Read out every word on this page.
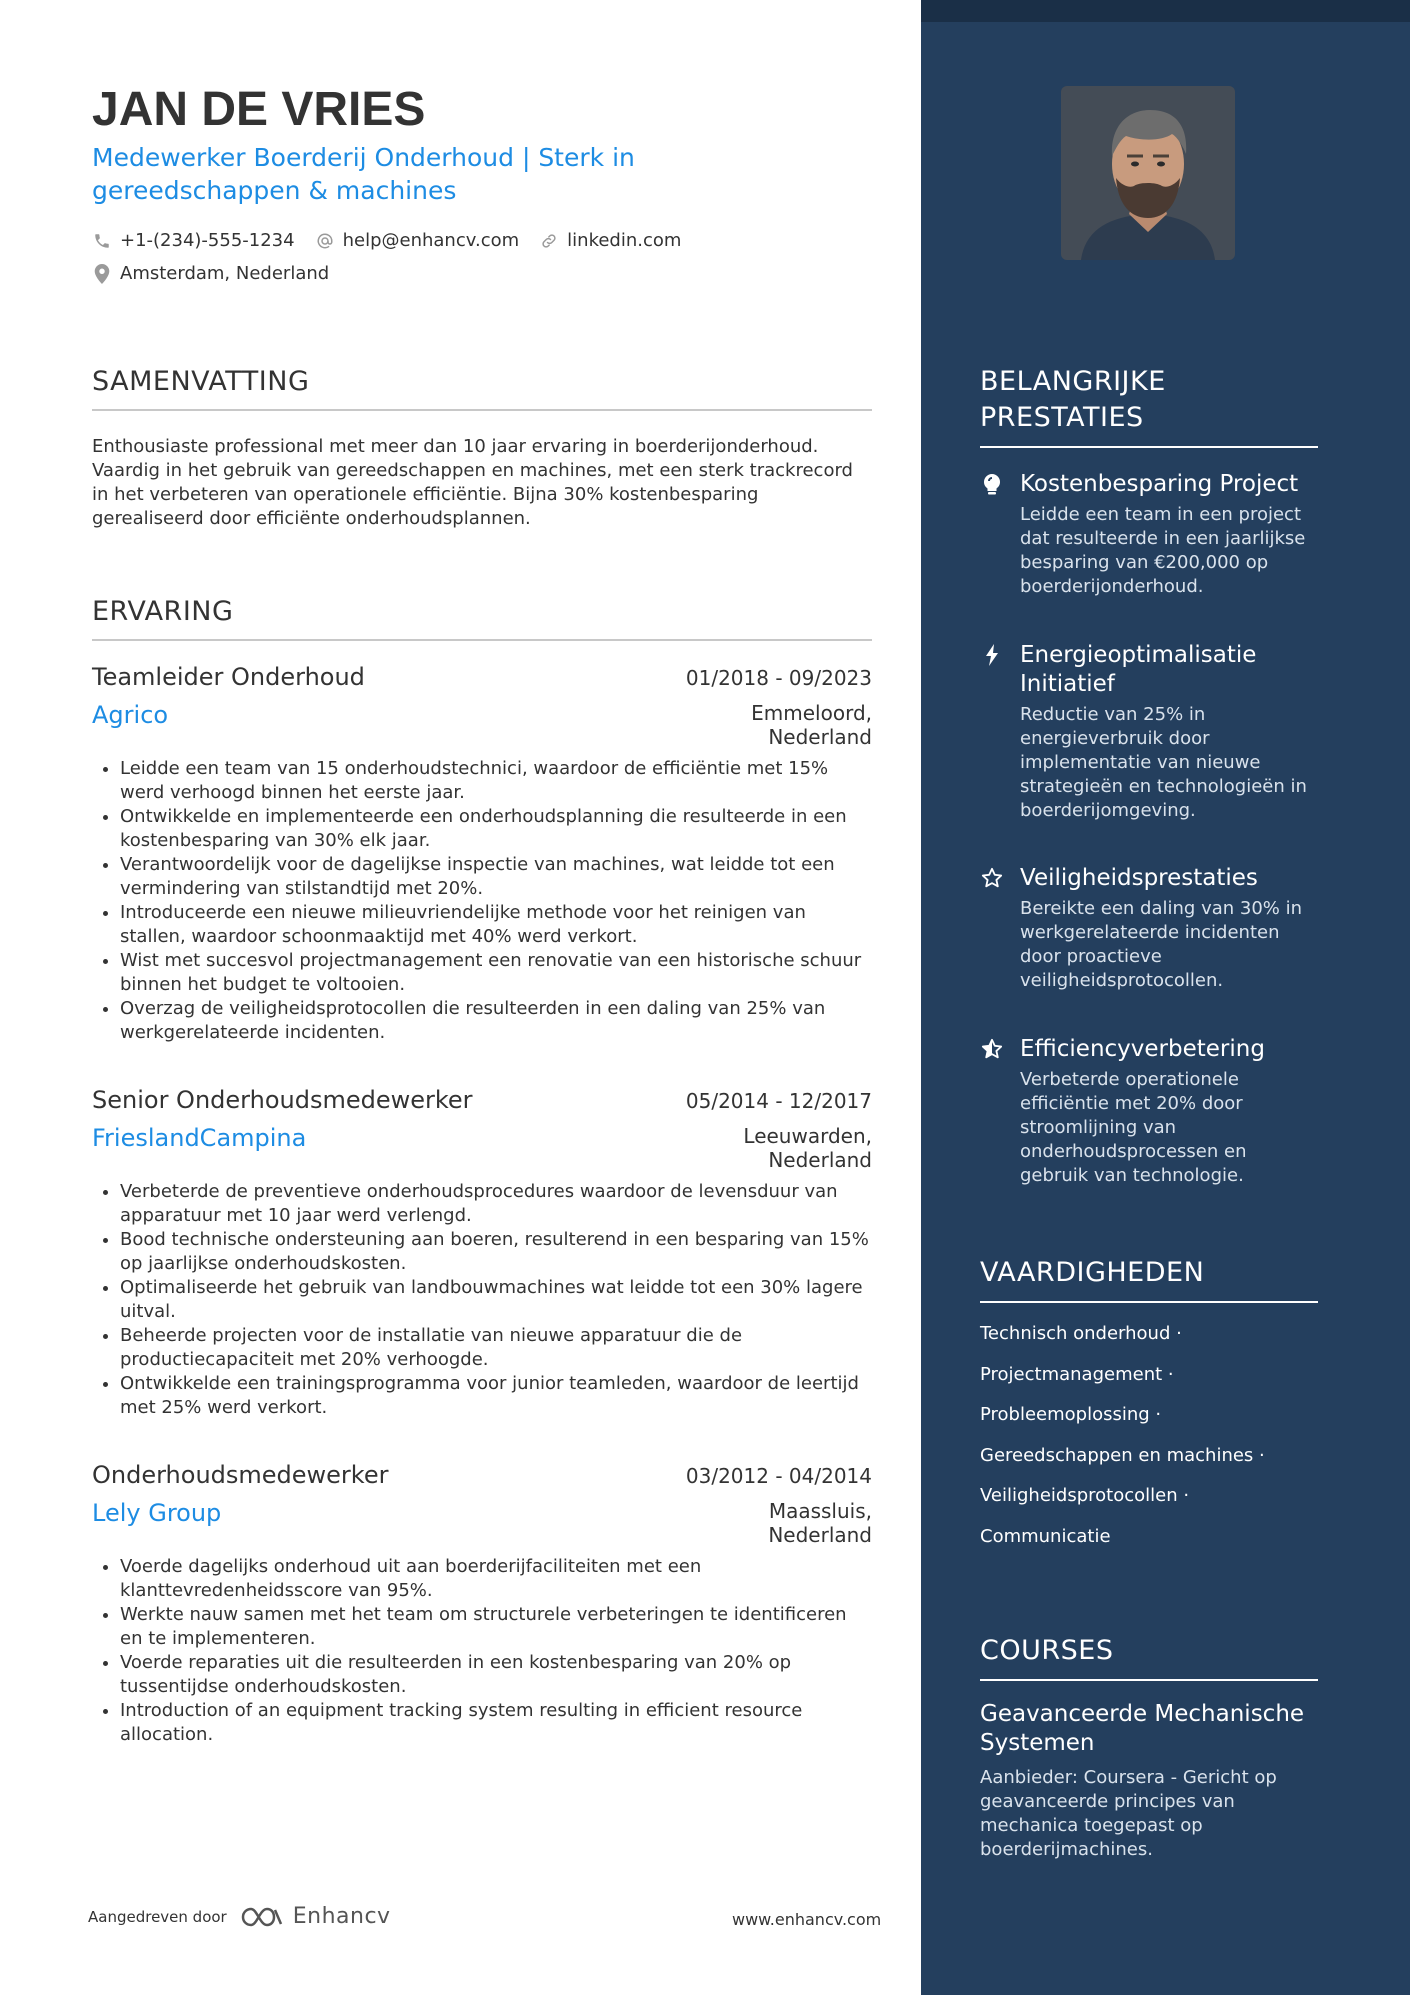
JAN DE VRIES
Medewerker Boerderij Onderhoud | Sterk in gereedschappen & machines
+1-(234)-555-1234	help@enhancv.com	linkedin.com
Amsterdam, Nederland
SAMENVATTING
Enthousiaste professional met meer dan 10 jaar ervaring in boerderijonderhoud. Vaardig in het gebruik van gereedschappen en machines, met een sterk trackrecord in het verbeteren van operationele efficiëntie. Bijna 30% kostenbesparing gerealiseerd door efficiënte onderhoudsplannen.
ERVARING
Teamleider Onderhoud	01/2018 - 09/2023
Agrico	Emmeloord,
Nederland
• Leidde een team van 15 onderhoudstechnici, waardoor de efficiëntie met 15% werd verhoogd binnen het eerste jaar.
• Ontwikkelde en implementeerde een onderhoudsplanning die resulteerde in een kostenbesparing van 30% elk jaar.
• Verantwoordelijk voor de dagelijkse inspectie van machines, wat leidde tot een vermindering van stilstandtijd met 20%.
• Introduceerde een nieuwe milieuvriendelijke methode voor het reinigen van stallen, waardoor schoonmaaktijd met 40% werd verkort.
• Wist met succesvol projectmanagement een renovatie van een historische schuur binnen het budget te voltooien.
• Overzag de veiligheidsprotocollen die resulteerden in een daling van 25% van werkgerelateerde incidenten.
Senior Onderhoudsmedewerker	05/2014 - 12/2017
FrieslandCampina	Leeuwarden,
Nederland
• Verbeterde de preventieve onderhoudsprocedures waardoor de levensduur van apparatuur met 10 jaar werd verlengd.
• Bood technische ondersteuning aan boeren, resulterend in een besparing van 15% op jaarlijkse onderhoudskosten.
• Optimaliseerde het gebruik van landbouwmachines wat leidde tot een 30% lagere uitval.
• Beheerde projecten voor de installatie van nieuwe apparatuur die de productiecapaciteit met 20% verhoogde.
• Ontwikkelde een trainingsprogramma voor junior teamleden, waardoor de leertijd met 25% werd verkort.
Onderhoudsmedewerker	03/2012 - 04/2014
Lely Group	Maassluis,
Nederland
• Voerde dagelijks onderhoud uit aan boerderijfaciliteiten met een klanttevredenheidsscore van 95%.
• Werkte nauw samen met het team om structurele verbeteringen te identificeren en te implementeren.
• Voerde reparaties uit die resulteerden in een kostenbesparing van 20% op tussentijdse onderhoudskosten.
• Introduction of an equipment tracking system resulting in efficient resource allocation.
Aangedreven door	Enhancv	www.enhancv.com
BELANGRIJKE PRESTATIES
Kostenbesparing Project
Leidde een team in een project dat resulteerde in een jaarlijkse besparing van €200,000 op boerderijonderhoud.
Energieoptimalisatie Initiatief
Reductie van 25% in energieverbruik door implementatie van nieuwe strategieën en technologieën in boerderijomgeving.
Veiligheidsprestaties
Bereikte een daling van 30% in werkgerelateerde incidenten door proactieve veiligheidsprotocollen.
Efficiencyverbetering
Verbeterde operationele efficiëntie met 20% door stroomlijning van onderhoudsprocessen en gebruik van technologie.
VAARDIGHEDEN
Technisch onderhoud ·
Projectmanagement ·
Probleemoplossing ·
Gereedschappen en machines ·
Veiligheidsprotocollen ·
Communicatie
COURSES
Geavanceerde Mechanische Systemen
Aanbieder: Coursera - Gericht op geavanceerde principes van mechanica toegepast op boerderijmachines.
